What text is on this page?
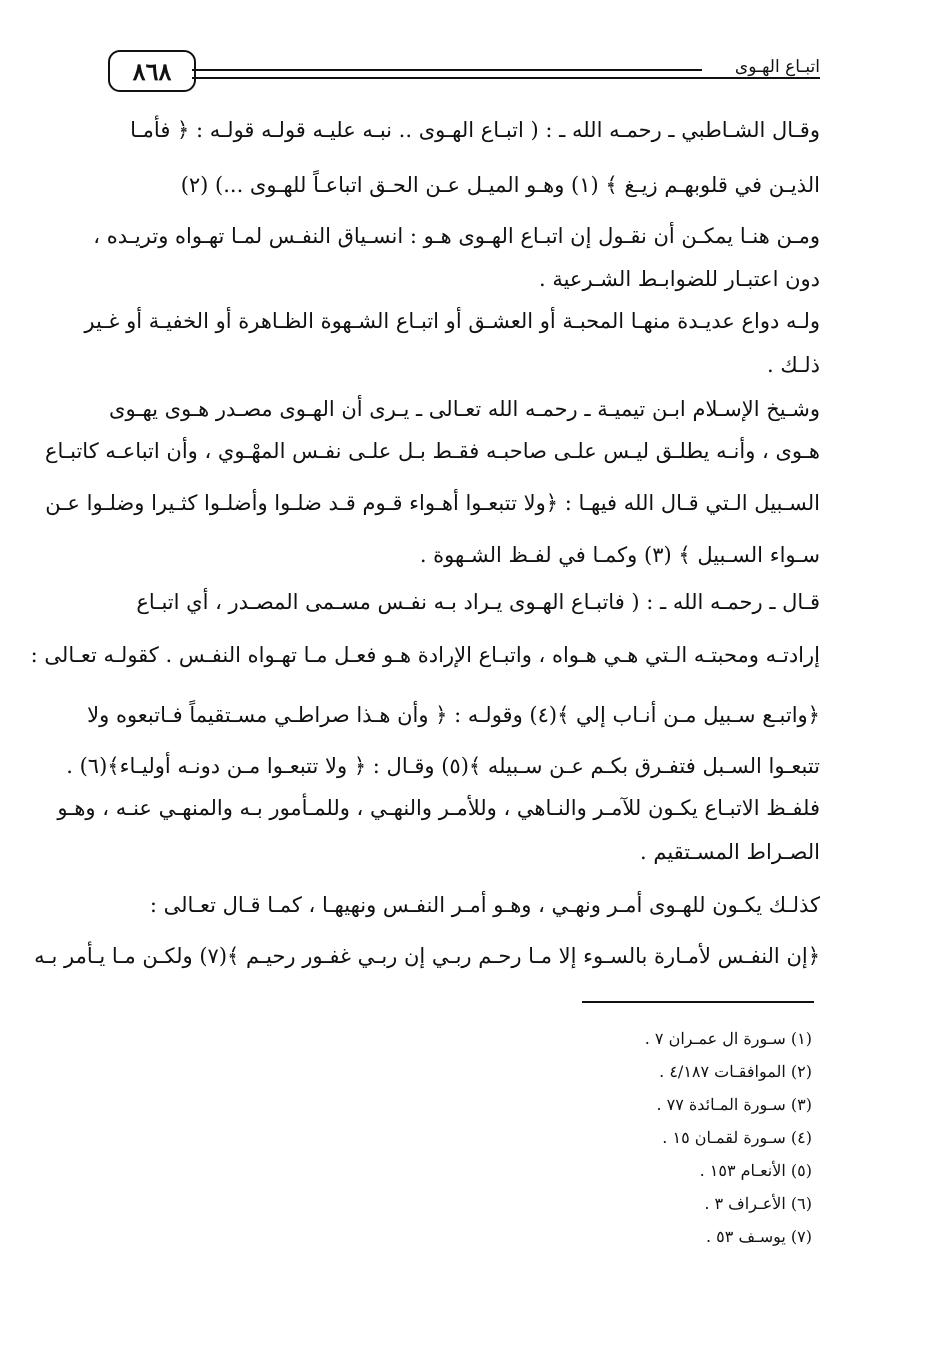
٨٦٨	اتبـاع الهـوى
وقـال الشـاطبي ـ رحمـه الله ـ : ( اتبـاع الهـوى .. نبـه عليـه قولـه قولـه : ﴿ فأمـا
الذيـن في قلوبهـم زيـغ ﴾ (١) وهـو الميـل عـن الحـق اتباعـاً للهـوى ...) (٢)
ومـن هنـا يمكـن أن نقـول إن اتبـاع الهـوى هـو : انسـياق النفـس لمـا تهـواه وتريـده ،
دون اعتبـار للضوابـط الشـرعية .
ولـه دواع عديـدة منهـا المحبـة أو العشـق أو اتبـاع الشـهوة الظـاهرة أو الخفيـة أو غـير
ذلـك .
وشـيخ الإسـلام ابـن تيميـة ـ رحمـه الله تعـالى ـ يـرى أن الهـوى مصـدر هـوى يهـوى
هـوى ، وأنـه يطلـق ليـس علـى صاحبـه فقـط بـل علـى نفـس المهْـوي ، وأن اتباعـه كاتبـاع
السـبيل الـتي قـال الله فيهـا : ﴿ولا تتبعـوا أهـواء قـوم قـد ضلـوا وأضلـوا كثـيرا وضلـوا عـن
سـواء السـبيل ﴾ (٣) وكمـا في لفـظ الشـهوة .
قـال ـ رحمـه الله ـ : ( فاتبـاع الهـوى يـراد بـه نفـس مسـمى المصـدر ، أي اتبـاع
إرادتـه ومحبتـه الـتي هـي هـواه ، واتبـاع الإرادة هـو فعـل مـا تهـواه النفـس . كقولـه تعـالى :
﴿واتبـع سـبيل مـن أنـاب إلي ﴾(٤) وقولـه : ﴿ وأن هـذا صراطـي مسـتقيماً فـاتبعوه ولا
تتبعـوا السـبل فتفـرق بكـم عـن سـبيله ﴾(٥) وقـال : ﴿ ولا تتبعـوا مـن دونـه أوليـاء﴾(٦) .
فلفـظ الاتبـاع يكـون للآمـر والنـاهي ، وللأمـر والنهـي ، وللمـأمور بـه والمنهـي عنـه ، وهـو
الصـراط المسـتقيم .
كذلـك يكـون للهـوى أمـر ونهـي ، وهـو أمـر النفـس ونهيهـا ، كمـا قـال تعـالى :
﴿إن النفـس لأمـارة بالسـوء إلا مـا رحـم ربـي إن ربـي غفـور رحيـم ﴾(٧) ولكـن مـا يـأمر بـه
(١) سـورة ال عمـران ٧ .
(٢) الموافقـات ٤/١٨٧ .
(٣) سـورة المـائدة ٧٧ .
(٤) سـورة لقمـان ١٥ .
(٥) الأنعـام ١٥٣ .
(٦) الأعـراف ٣ .
(٧) يوسـف ٥٣ .
